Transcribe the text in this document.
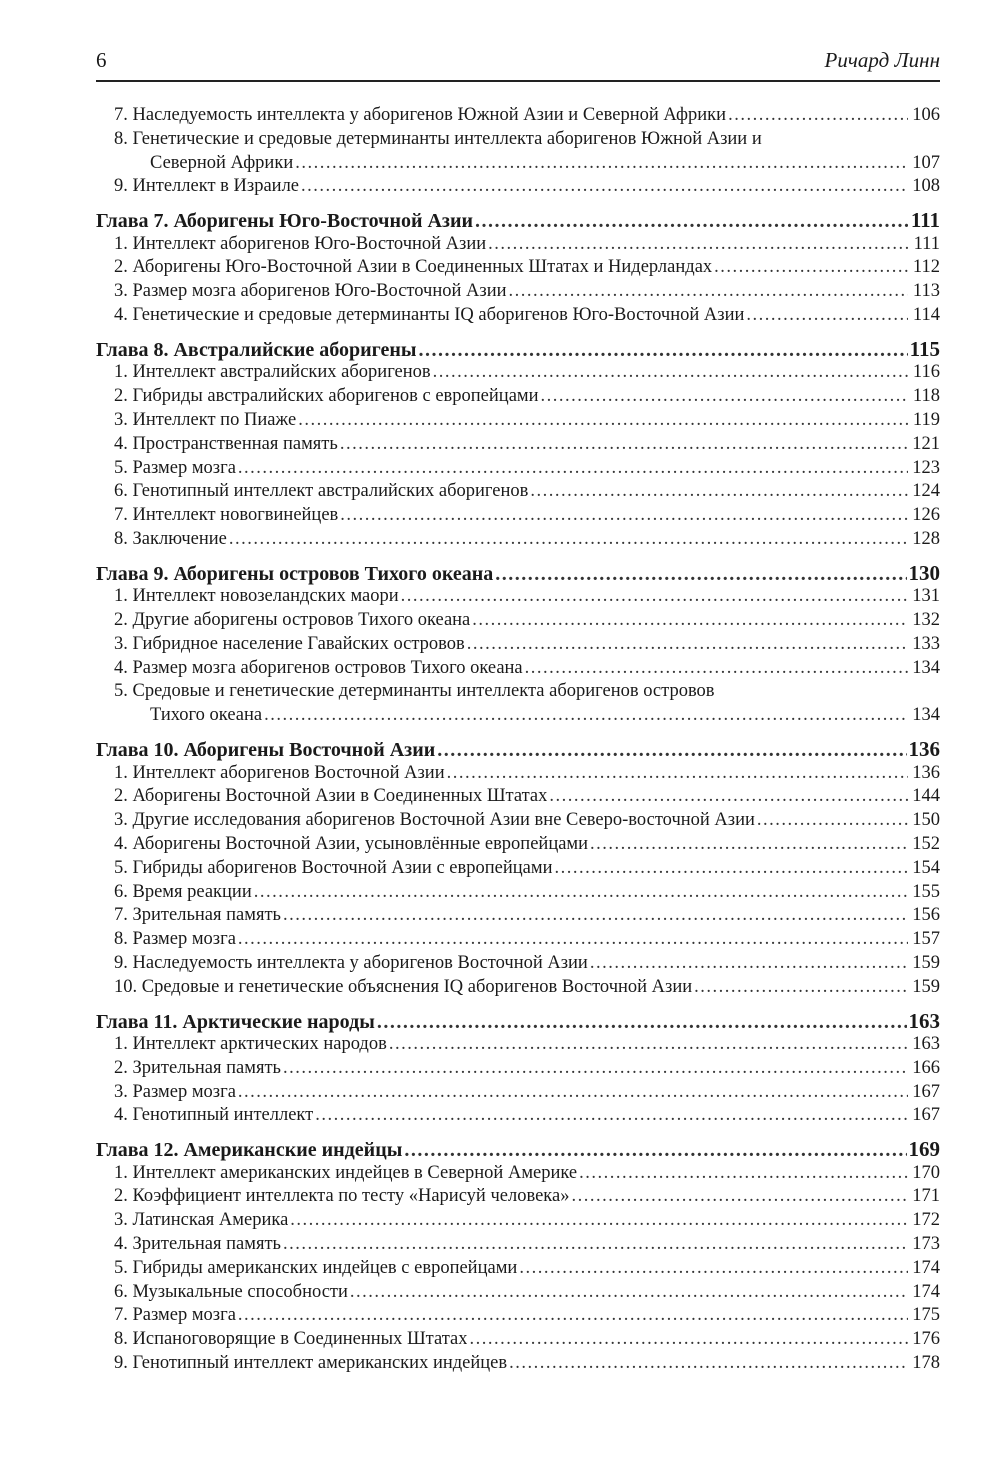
6	Ричард Линн
7. Наследуемость интеллекта у аборигенов Южной Азии и Северной Африки .....	106
8. Генетические и средовые детерминанты интеллекта аборигенов Южной Азии и
Северной Африки .....	107
9. Интеллект в Израиле .....	108
Глава 7. Аборигены Юго-Восточной Азии .....	111
1. Интеллект аборигенов Юго-Восточной Азии .....	111
2. Аборигены Юго-Восточной Азии в Соединенных Штатах и Нидерландах .....	112
3. Размер мозга аборигенов Юго-Восточной Азии .....	113
4. Генетические и средовые детерминанты IQ аборигенов Юго-Восточной Азии .....	114
Глава 8. Австралийские аборигены .....	115
1. Интеллект австралийских аборигенов .....	116
2. Гибриды австралийских аборигенов с европейцами .....	118
3. Интеллект по Пиаже .....	119
4. Пространственная память .....	121
5. Размер мозга .....	123
6. Генотипный интеллект австралийских аборигенов .....	124
7. Интеллект новогвинейцев .....	126
8. Заключение .....	128
Глава 9. Аборигены островов Тихого океана .....	130
1. Интеллект новозеландских маори .....	131
2. Другие аборигены островов Тихого океана .....	132
3. Гибридное население Гавайских островов .....	133
4. Размер мозга аборигенов островов Тихого океана .....	134
5. Средовые и генетические детерминанты интеллекта аборигенов островов
Тихого океана .....	134
Глава 10. Аборигены Восточной Азии .....	136
1. Интеллект аборигенов Восточной Азии .....	136
2. Аборигены Восточной Азии в Соединенных Штатах .....	144
3. Другие исследования аборигенов Восточной Азии вне Северо-восточной Азии .....	150
4. Аборигены Восточной Азии, усыновлённые европейцами .....	152
5. Гибриды аборигенов Восточной Азии с европейцами .....	154
6. Время реакции .....	155
7. Зрительная память .....	156
8. Размер мозга .....	157
9. Наследуемость интеллекта у аборигенов Восточной Азии .....	159
10. Средовые и генетические объяснения IQ аборигенов Восточной Азии .....	159
Глава 11. Арктические народы .....	163
1. Интеллект арктических народов .....	163
2. Зрительная память .....	166
3. Размер мозга .....	167
4. Генотипный интеллект .....	167
Глава 12. Американские индейцы .....	169
1. Интеллект американских индейцев в Северной Америке .....	170
2. Коэффициент интеллекта по тесту «Нарисуй человека» .....	171
3. Латинская Америка .....	172
4. Зрительная память .....	173
5. Гибриды американских индейцев с европейцами .....	174
6. Музыкальные способности .....	174
7. Размер мозга .....	175
8. Испаноговорящие в Соединенных Штатах .....	176
9. Генотипный интеллект американских индейцев .....	178
